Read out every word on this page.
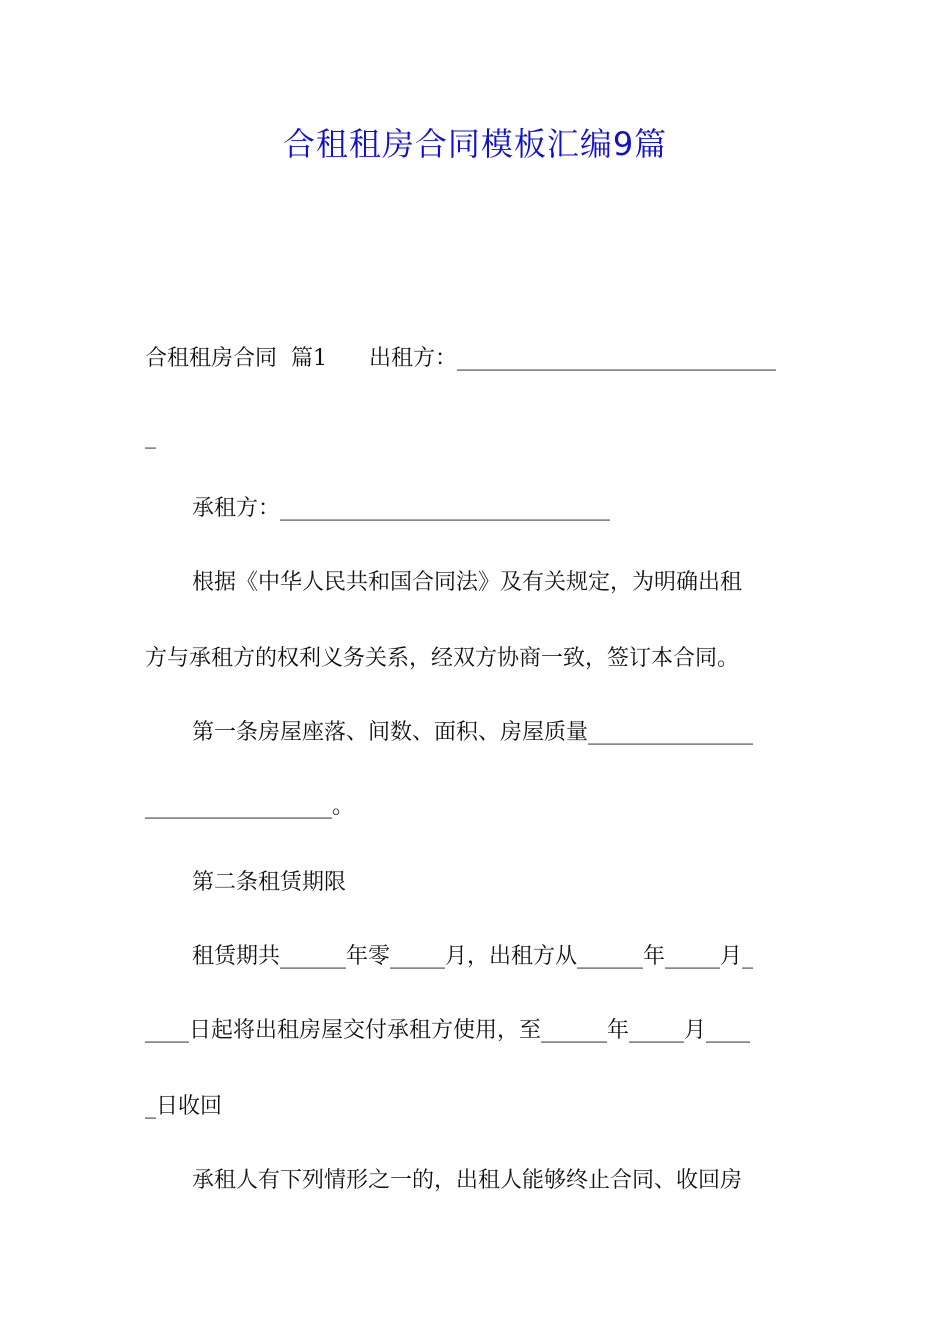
合租租房合同模板汇编9篇
合租租房合同  篇1      出租方：_____________________________
_
承租方：______________________________
根据《中华人民共和国合同法》及有关规定，为明确出租
方与承租方的权利义务关系，经双方协商一致，签订本合同。
第一条房屋座落、间数、面积、房屋质量_______________
_________________。
第二条租赁期限
租赁期共______年零_____月，出租方从______年_____月_
____日起将出租房屋交付承租方使用，至______年_____月____
_日收回
承租人有下列情形之一的，出租人能够终止合同、收回房
